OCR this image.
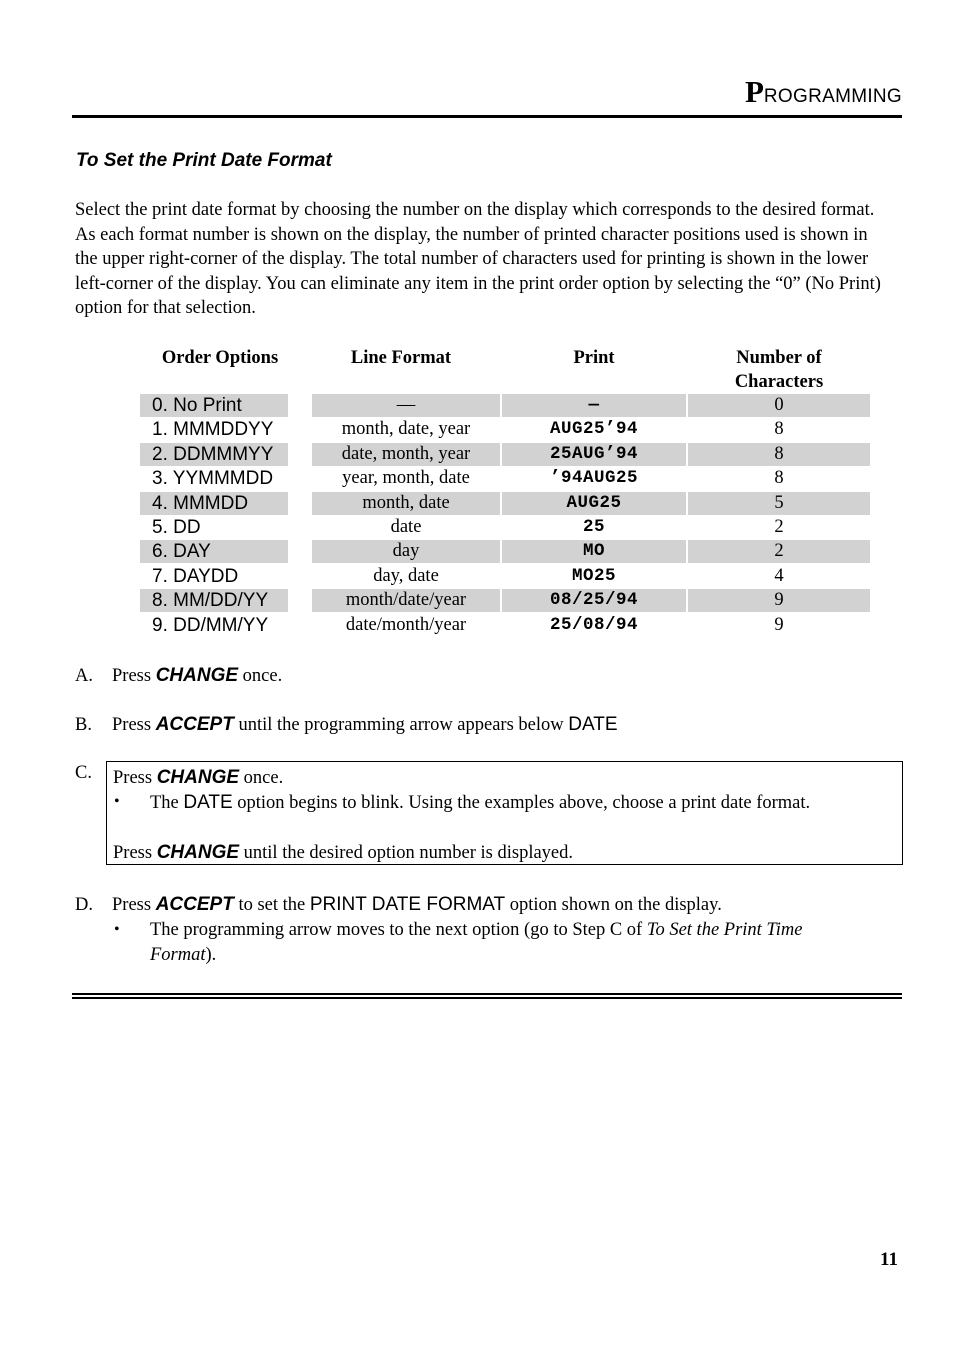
PROGRAMMING
To Set the Print Date Format
Select the print date format by choosing the number on the display which corresponds to the desired format. As each format number is shown on the display, the number of printed character positions used is shown in the upper right-corner of the display. The total number of characters used for printing is shown in the lower left-corner of the display. You can eliminate any item in the print order option by selecting the “0” (No Print) option for that selection.
Order Options	Line Format	Print	Number of
Characters
0. No Print	—	—	0
1. MMMDDYY	month, date, year	AUG25’94	8
2. DDMMMYY	date, month, year	25AUG’94	8
3. YYMMMDD	year, month, date	’94AUG25	8
4. MMMDD	month, date	AUG25	5
5. DD	date	25	2
6. DAY	day	MO	2
7. DAYDD	day, date	MO25	4
8. MM/DD/YY	month/date/year	08/25/94	9
9. DD/MM/YY	date/month/year	25/08/94	9
A. Press CHANGE once.
B. Press ACCEPT until the programming arrow appears below DATE
C. Press CHANGE once.
• The DATE option begins to blink. Using the examples above, choose a print date format.
Press CHANGE until the desired option number is displayed.
D. Press ACCEPT to set the PRINT DATE FORMAT option shown on the display.
• The programming arrow moves to the next option (go to Step C of To Set the Print Time
Format).
11
